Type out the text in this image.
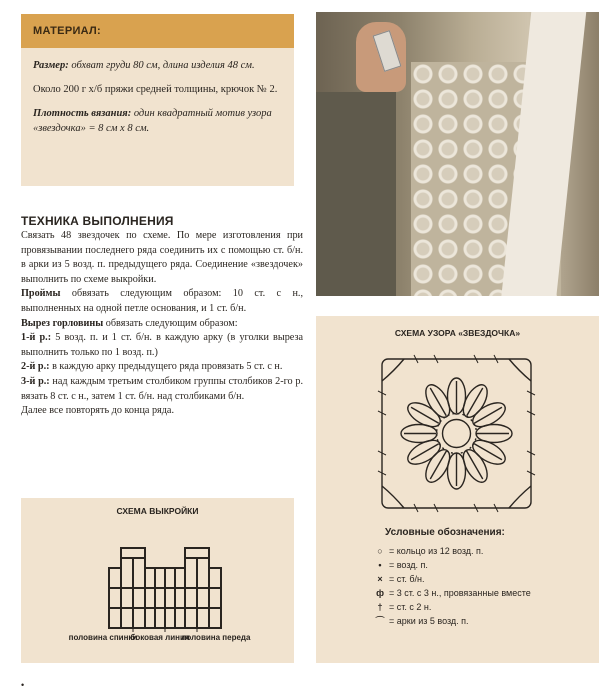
МАТЕРИАЛ:

Размер: обхват груди 80 см, длина изделия 48 см.

Около 200 г х/б пряжи средней толщины, крючок № 2.

Плотность вязания: один квадратный мотив узора «звездочка» = 8 см х 8 см.

ТЕХНИКА ВЫПОЛНЕНИЯ

Связать 48 звездочек по схеме. По мере изготовления при провязывании последнего ряда соединить их с помощью ст. б/н. в арки из 5 возд. п. предыдущего ряда. Соединение «звездочек» выполнить по схеме выкройки.

Проймы обвязать следующим образом: 10 ст. с н., выполненных на одной петле основания, и 1 ст. б/н.

Вырез горловины обвязать следующим образом:

1-й р.: 5 возд. п. и 1 ст. б/н. в каждую арку (в уголки выреза выполнить только по 1 возд. п.)

2-й р.: в каждую арку предыдущего ряда провязать 5 ст. с н.

3-й р.: над каждым третьим столбиком группы столбиков 2-го р. вязать 8 ст. с н., затем 1 ст. б/н. над столбиками б/н.

Далее все повторять до конца ряда.

СХЕМА ВЫКРОЙКИ
половина спинки
боковая линия
половина переда
СХЕМА УЗОРА «ЗВЕЗДОЧКА»
Условные обозначения:
○ = кольцо из 12 возд. п.
• = возд. п.
× = ст. б/н.
ф = 3 ст. с 3 н., провязанные вместе
† = ст. с 2 н.
⌒ = арки из 5 возд. п.
•
